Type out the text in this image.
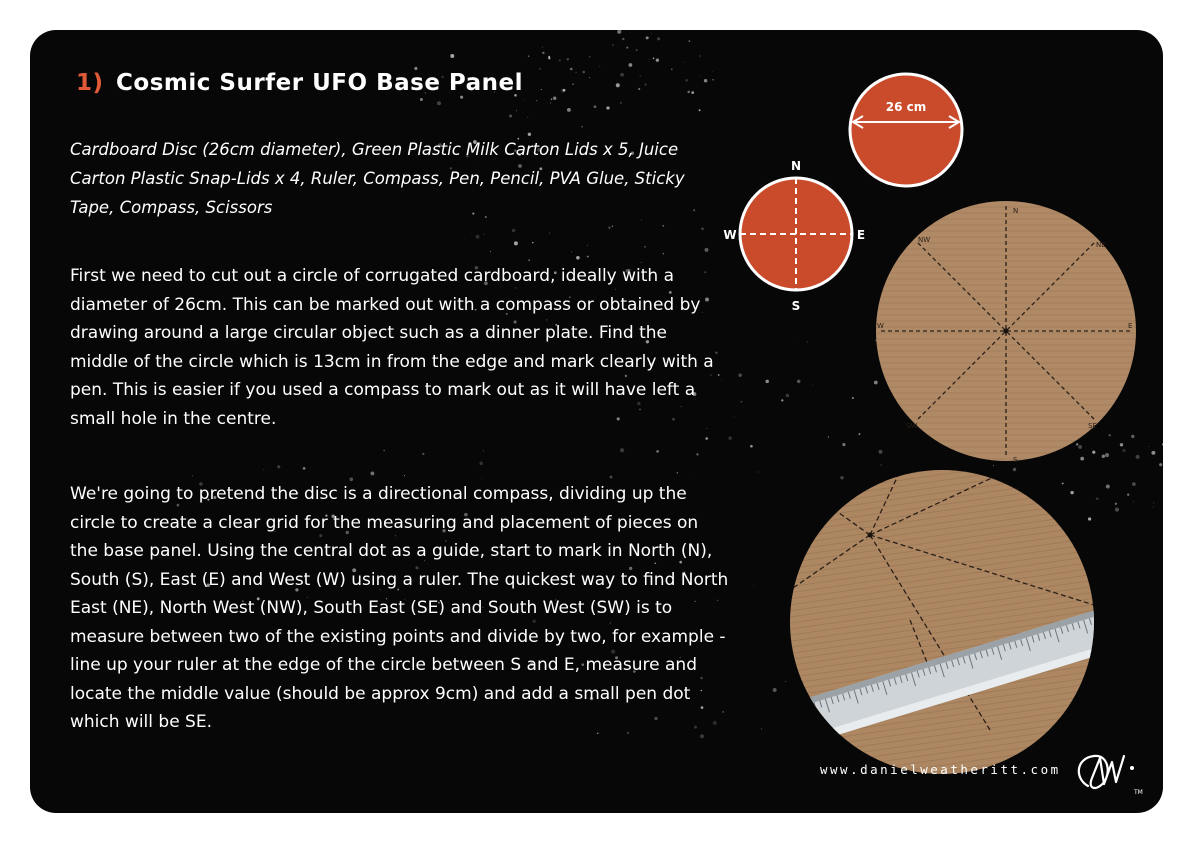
1) Cosmic Surfer UFO Base Panel

Cardboard Disc (26cm diameter), Green Plastic Milk Carton Lids x 5, Juice Carton Plastic Snap-Lids x 4, Ruler, Compass, Pen, Pencil, PVA Glue, Sticky Tape, Compass, Scissors

First we need to cut out a circle of corrugated cardboard, ideally with a diameter of 26cm. This can be marked out with a compass or obtained by drawing around a large circular object such as a dinner plate. Find the middle of the circle which is 13cm in from the edge and mark clearly with a pen. This is easier if you used a compass to mark out as it will have left a small hole in the centre.

We're going to pretend the disc is a directional compass, dividing up the circle to create a clear grid for the measuring and placement of pieces on the base panel. Using the central dot as a guide, start to mark in North (N), South (S), East (E) and West (W) using a ruler. The quickest way to find North East (NE), North West (NW), South East (SE) and South West (SW) is to measure between two of the existing points and divide by two, for example - line up your ruler at the edge of the circle between S and E, measure and locate the middle value (should be approx 9cm) and add a small pen dot which will be SE.

26 cm
N
E
S
W
N
NE
E
SE
S
SW
W
NW

www.danielweatheritt.com

TM
